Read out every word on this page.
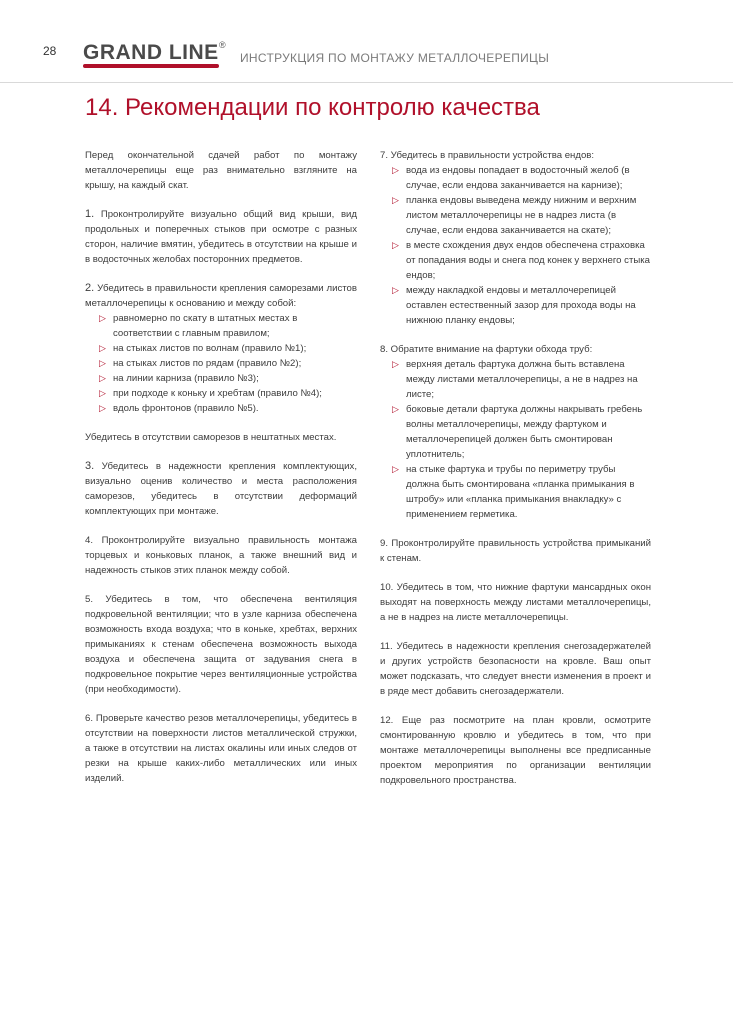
28 GRAND LINE ®
ИНСТРУКЦИЯ ПО МОНТАЖУ МЕТАЛЛОЧЕРЕПИЦЫ
14. Рекомендации по контролю качества

Перед окончательной сдачей работ по монтажу металлочерепицы еще раз внимательно взгляните на крышу, на каждый скат.

1. Проконтролируйте визуально общий вид крыши, вид продольных и поперечных стыков при осмотре с разных сторон, наличие вмятин, убедитесь в отсутствии на крыше и в водосточных желобах посторонних предметов.

2. Убедитесь в правильности крепления саморезами листов металлочерепицы к основанию и между собой:

▷ равномерно по скату в штатных местах в соответствии с главным правилом;
▷ на стыках листов по волнам (правило №1);
▷ на стыках листов по рядам (правило №2);
▷ на линии карниза (правило №3);
▷ при подходе к коньку и хребтам (правило №4);
▷ вдоль фронтонов (правило №5).

Убедитесь в отсутствии саморезов в нештатных местах.

3. Убедитесь в надежности крепления комплектующих, визуально оценив количество и места расположения саморезов, убедитесь в отсутствии деформаций комплектующих при монтаже.

4. Проконтролируйте визуально правильность монтажа торцевых и коньковых планок, а также внешний вид и надежность стыков этих планок между собой.

5. Убедитесь в том, что обеспечена вентиляция подкровельной вентиляции; что в узле карниза обеспечена возможность входа воздуха; что в коньке, хребтах, верхних примыканиях к стенам обеспечена возможность выхода воздуха и обеспечена защита от задувания снега в подкровельное покрытие через вентиляционные устройства (при необходимости).

6. Проверьте качество резов металлочерепицы, убедитесь в отсутствии на поверхности листов металлической стружки, а также в отсутствии на листах окалины или иных следов от резки на крыше каких-либо металлических или иных изделий.

7. Убедитесь в правильности устройства ендов:

▷ вода из ендовы попадает в водосточный желоб (в случае, если ендова заканчивается на карнизе);
▷ планка ендовы выведена между нижним и верхним листом металлочерепицы не в надрез листа (в случае, если ендова заканчивается на скате);
▷ в месте схождения двух ендов обеспечена страховка от попадания воды и снега под конек у верхнего стыка ендов;
▷ между накладкой ендовы и металлочерепицей оставлен естественный зазор для прохода воды на нижнюю планку ендовы;

8. Обратите внимание на фартуки обхода труб:

▷ верхняя деталь фартука должна быть вставлена между листами металлочерепицы, а не в надрез на листе;
▷ боковые детали фартука должны накрывать гребень волны металлочерепицы, между фартуком и металлочерепицей должен быть смонтирован уплотнитель;
▷ на стыке фартука и трубы по периметру трубы должна быть смонтирована «планка примыкания в штробу» или «планка примыкания внакладку» с применением герметика.

9. Проконтролируйте правильность устройства примыканий к стенам.

10. Убедитесь в том, что нижние фартуки мансардных окон выходят на поверхность между листами металлочерепицы, а не в надрез на листе металлочерепицы.

11. Убедитесь в надежности крепления снегозадержателей и других устройств безопасности на кровле. Ваш опыт может подсказать, что следует внести изменения в проект и в ряде мест добавить снегозадержатели.

12. Еще раз посмотрите на план кровли, осмотрите смонтированную кровлю и убедитесь в том, что при монтаже металлочерепицы выполнены все предписанные проектом мероприятия по организации вентиляции подкровельного пространства.
